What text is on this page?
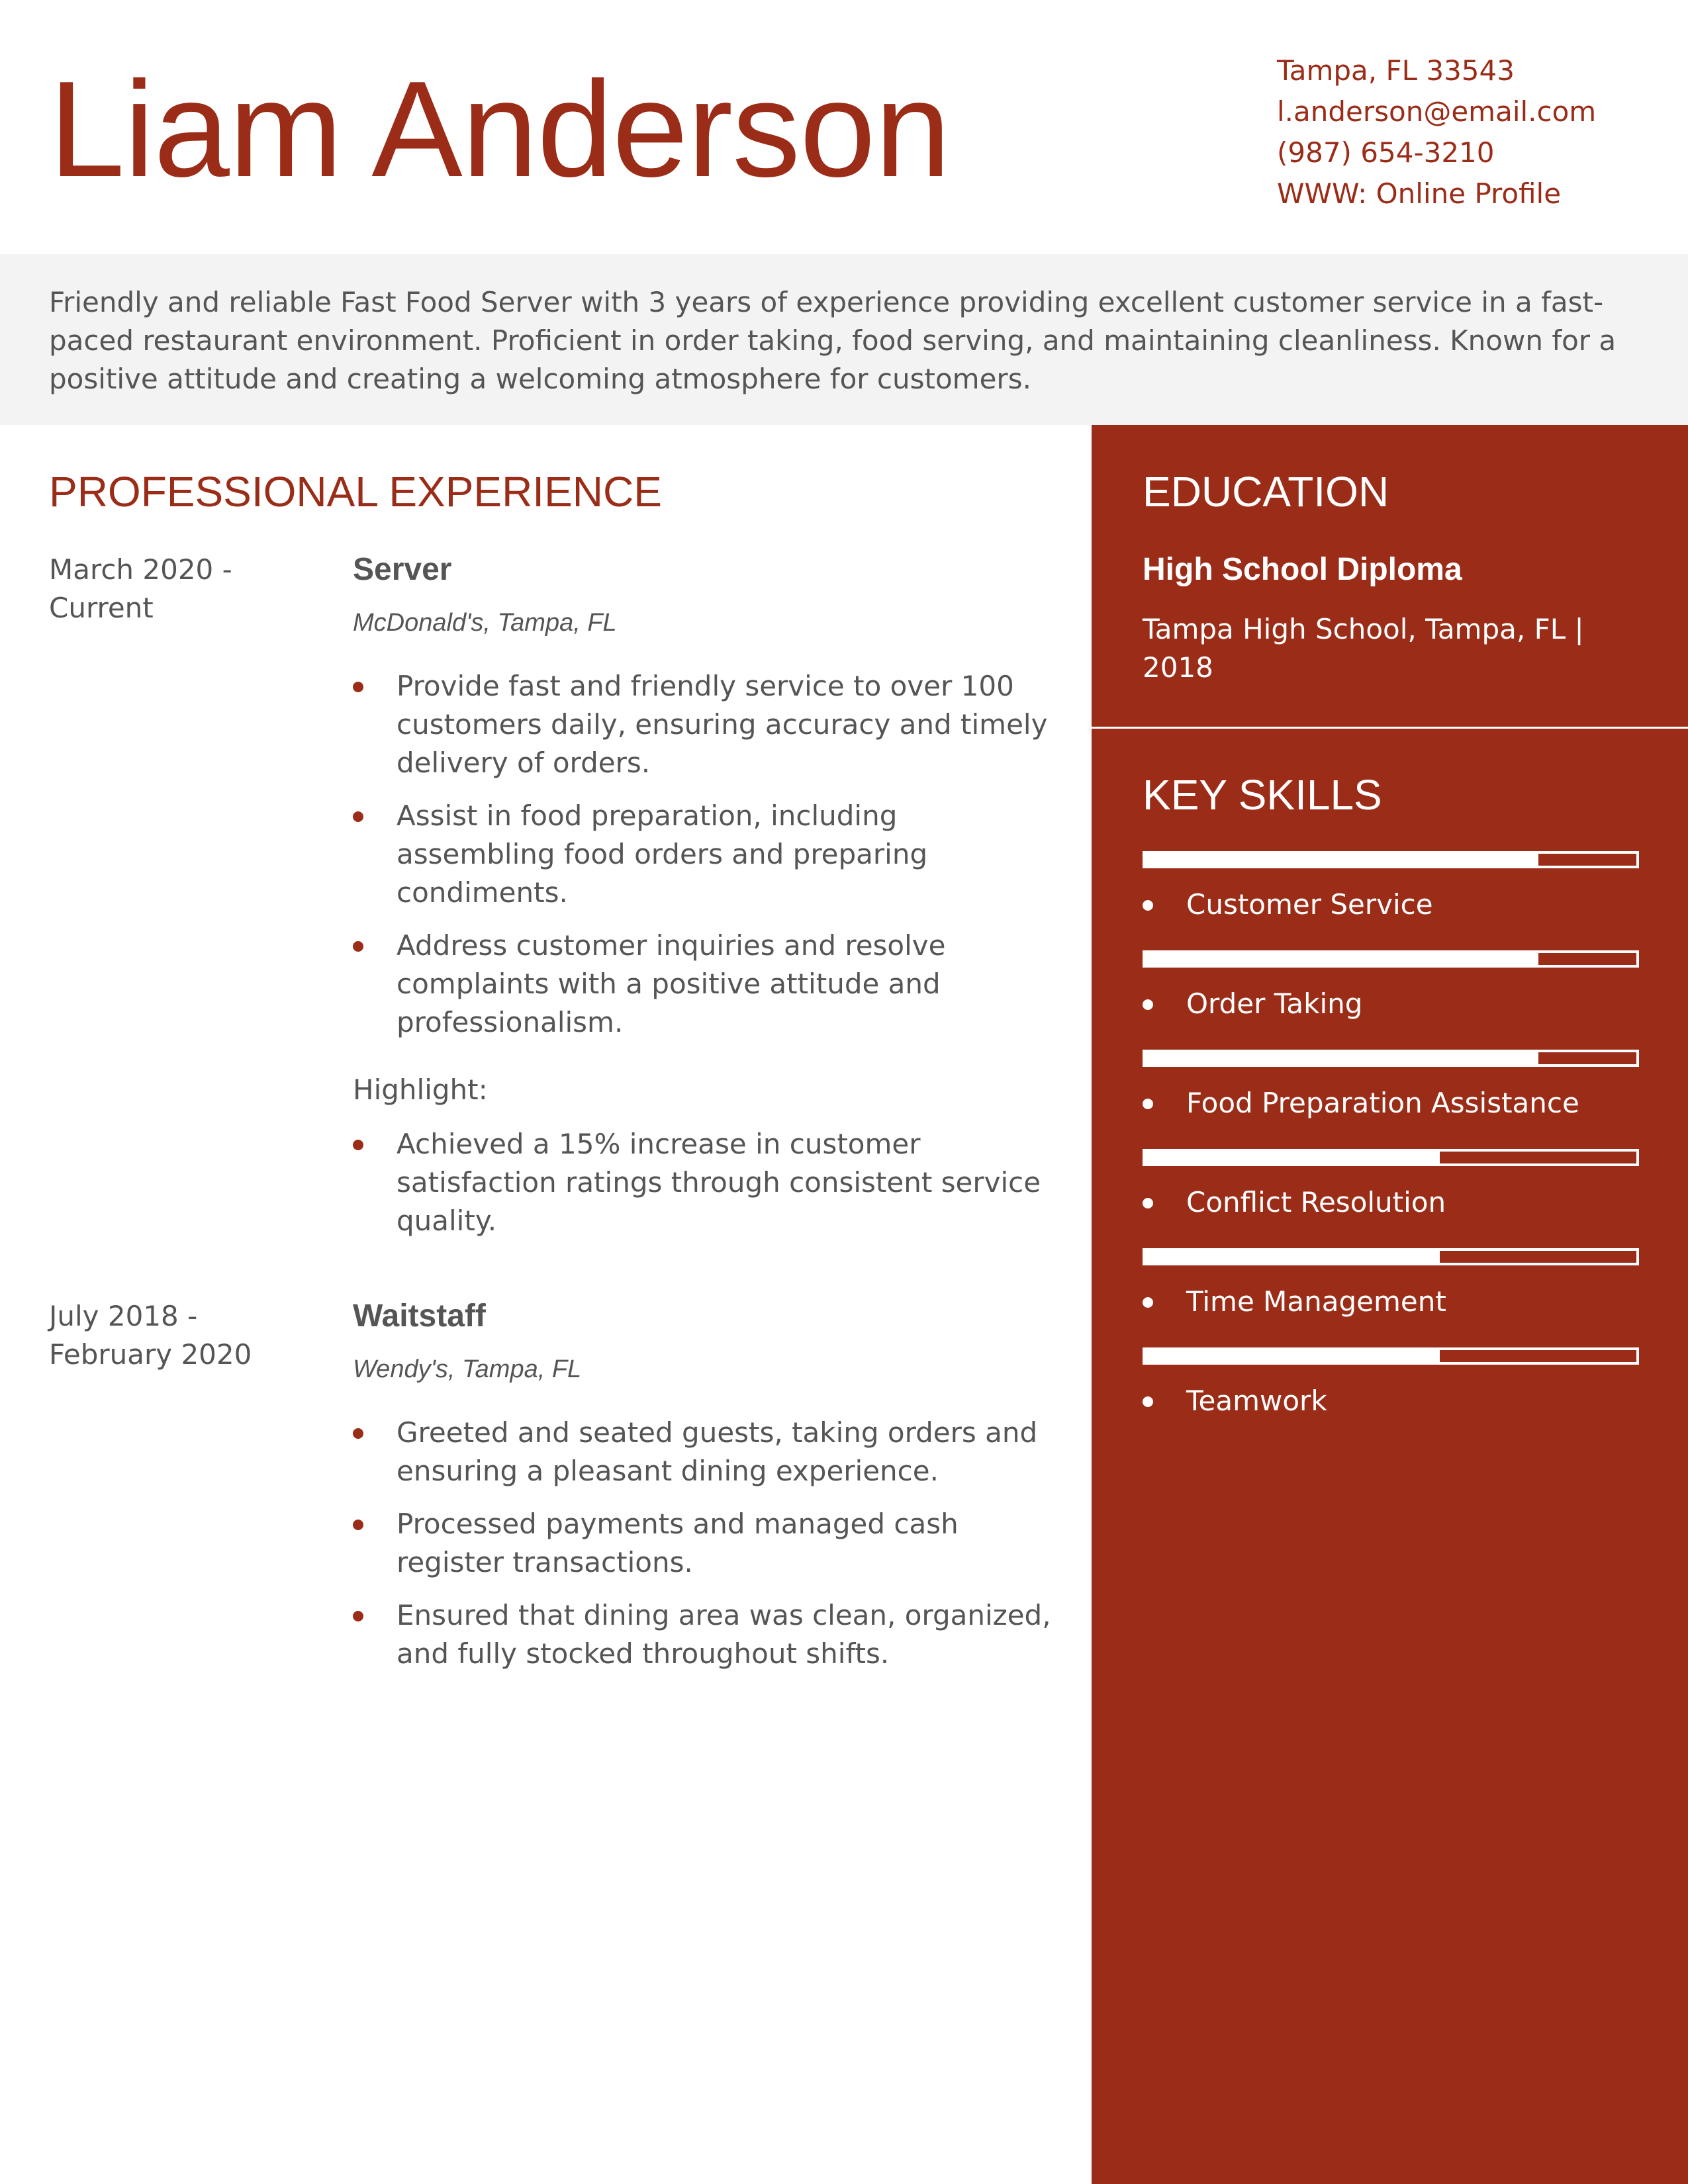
Liam Anderson	Tampa, FL 33543
l.anderson@email.com
(987) 654-3210
WWW: Online Profile

Friendly and reliable Fast Food Server with 3 years of experience providing excellent customer service in a fast-paced restaurant environment. Proficient in order taking, food serving, and maintaining cleanliness. Known for a positive attitude and creating a welcoming atmosphere for customers.

PROFESSIONAL EXPERIENCE
March 2020 -
Current
Server
McDonald's, Tampa, FL
Provide fast and friendly service to over 100 customers daily, ensuring accuracy and timely delivery of orders.
Assist in food preparation, including assembling food orders and preparing condiments.
Address customer inquiries and resolve complaints with a positive attitude and professionalism.
Highlight:
Achieved a 15% increase in customer satisfaction ratings through consistent service quality.
July 2018 -
February 2020
Waitstaff
Wendy's, Tampa, FL
Greeted and seated guests, taking orders and ensuring a pleasant dining experience.
Processed payments and managed cash register transactions.
Ensured that dining area was clean, organized, and fully stocked throughout shifts.
EDUCATION
High School Diploma
Tampa High School, Tampa, FL | 2018
KEY SKILLS
Customer Service
Order Taking
Food Preparation Assistance
Conflict Resolution
Time Management
Teamwork
